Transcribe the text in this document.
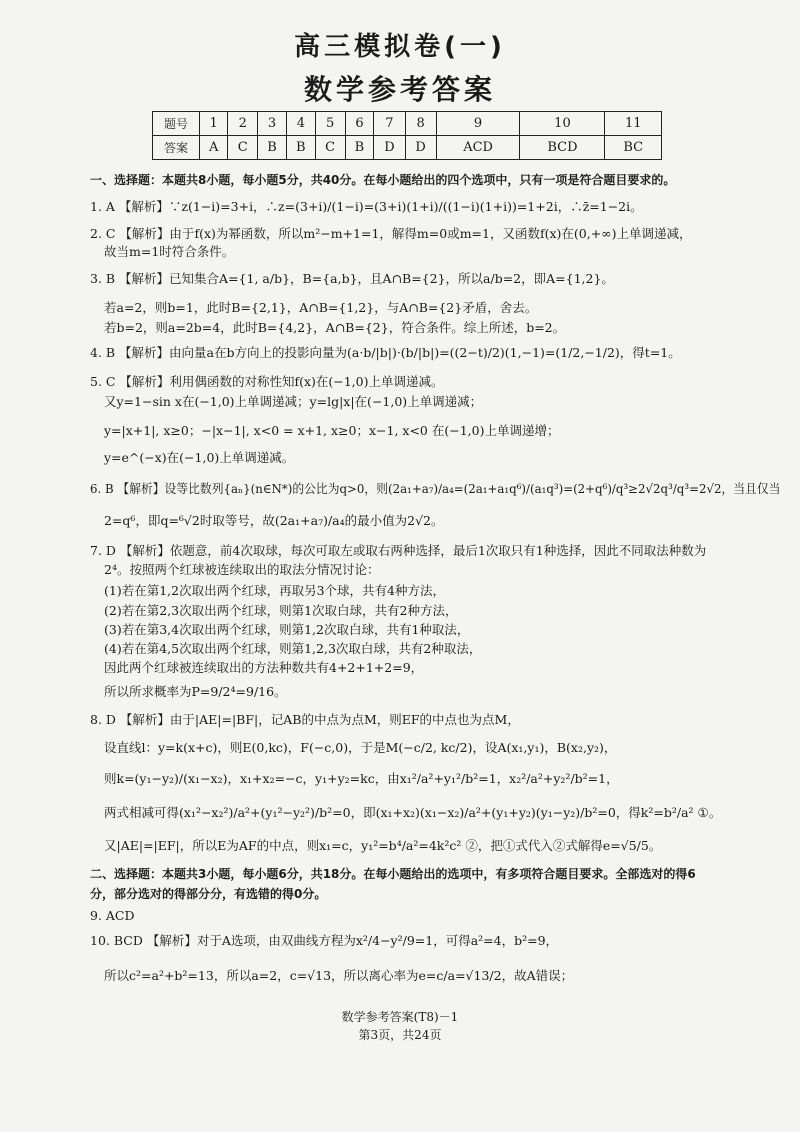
高三模拟卷(一)
数学参考答案
题号	1	2	3	4	5	6	7	8	9	10	11
答案	A	C	B	B	C	B	D	D	ACD	BCD	BC
一、选择题：本题共8小题，每小题5分，共40分。在每小题给出的四个选项中，只有一项是符合题目要求的。
1. A 【解析】∵z(1−i)=3+i，∴z=(3+i)/(1−i)=(3+i)(1+i)/((1−i)(1+i))=1+2i，∴z̄=1−2i。
2. C 【解析】由于f(x)为幂函数，所以m²−m+1=1，解得m=0或m=1，又函数f(x)在(0,+∞)上单调递减，
故当m=1时符合条件。
3. B 【解析】已知集合A={1, a/b}，B={a,b}，且A∩B={2}，所以a/b=2，即A={1,2}。
若a=2，则b=1，此时B={2,1}，A∩B={1,2}，与A∩B={2}矛盾，舍去。
若b=2，则a=2b=4，此时B={4,2}，A∩B={2}，符合条件。综上所述，b=2。
4. B 【解析】由向量a在b方向上的投影向量为(a·b/|b|)·(b/|b|)=((2−t)/2)(1,−1)=(1/2,−1/2)，得t=1。
5. C 【解析】利用偶函数的对称性知f(x)在(−1,0)上单调递减。
又y=1−sin x在(−1,0)上单调递减；y=lg|x|在(−1,0)上单调递减；
y=|x+1|, x≥0；−|x−1|, x<0 = x+1, x≥0；x−1, x<0 在(−1,0)上单调递增；
y=e^(−x)在(−1,0)上单调递减。
6. B 【解析】设等比数列{aₙ}(n∈N*)的公比为q>0，则(2a₁+a₇)/a₄=(2a₁+a₁q⁶)/(a₁q³)=(2+q⁶)/q³≥2√2q³/q³=2√2，当且仅当
2=q⁶，即q=⁶√2时取等号，故(2a₁+a₇)/a₄的最小值为2√2。
7. D 【解析】依题意，前4次取球，每次可取左或取右两种选择，最后1次取只有1种选择，因此不同取法种数为
2⁴。按照两个红球被连续取出的取法分情况讨论：
(1)若在第1,2次取出两个红球，再取另3个球，共有4种方法，
(2)若在第2,3次取出两个红球，则第1次取白球，共有2种方法，
(3)若在第3,4次取出两个红球，则第1,2次取白球，共有1种取法，
(4)若在第4,5次取出两个红球，则第1,2,3次取白球，共有2种取法，
因此两个红球被连续取出的方法种数共有4+2+1+2=9，
所以所求概率为P=9/2⁴=9/16。
8. D 【解析】由于|AE|=|BF|，记AB的中点为点M，则EF的中点也为点M，
设直线l：y=k(x+c)，则E(0,kc)，F(−c,0)，于是M(−c/2, kc/2)，设A(x₁,y₁)，B(x₂,y₂)，
则k=(y₁−y₂)/(x₁−x₂)，x₁+x₂=−c，y₁+y₂=kc，由x₁²/a²+y₁²/b²=1，x₂²/a²+y₂²/b²=1，
两式相减可得(x₁²−x₂²)/a²+(y₁²−y₂²)/b²=0，即(x₁+x₂)(x₁−x₂)/a²+(y₁+y₂)(y₁−y₂)/b²=0，得k²=b²/a² ①。
又|AE|=|EF|，所以E为AF的中点，则x₁=c，y₁²=b⁴/a²=4k²c² ②，把①式代入②式解得e=√5/5。
二、选择题：本题共3小题，每小题6分，共18分。在每小题给出的选项中，有多项符合题目要求。全部选对的得6
分，部分选对的得部分分，有选错的得0分。
9. ACD
10. BCD 【解析】对于A选项，由双曲线方程为x²/4−y²/9=1，可得a²=4，b²=9，
所以c²=a²+b²=13，所以a=2，c=√13，所以离心率为e=c/a=√13/2，故A错误；
数学参考答案(T8)－1
第3页，共24页
